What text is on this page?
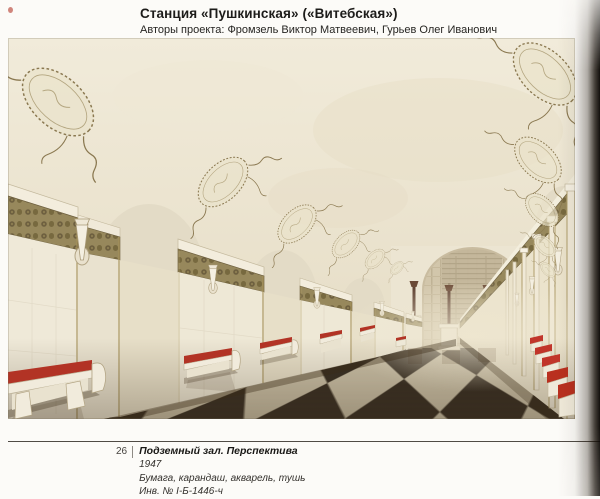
Станция «Пушкинская» («Витебская»)
Авторы проекта: Фромзель Виктор Матвеевич, Гурьев Олег Иванович
26 Подземный зал. Перспектива
1947
Бумага, карандаш, акварель, тушь
Инв. № I-Б-1446-ч
